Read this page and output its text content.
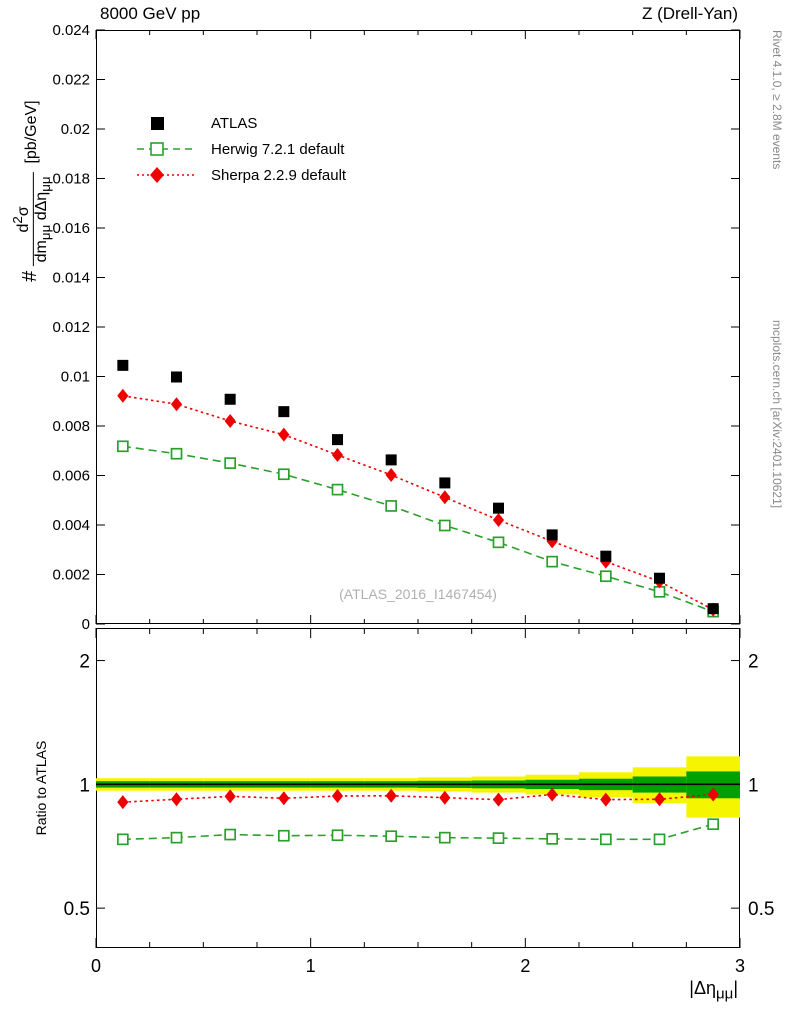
8000 GeV pp	Z (Drell-Yan)
Rivet 4.1.0, ≥ 2.8M events
mcplots.cern.ch [arXiv:2401.10621]
#
$d^2\sigma$
$dm_{\mu\mu}$ dΔη$_{\mu\mu}$
[pb/GeV]
Ratio to ATLAS
$|\Delta\eta_{\mu\mu}|$
(ATLAS_2016_I1467454)
ATLAS
Herwig 7.2.1 default
Sherpa 2.2.9 default
0
0.002
0.004
0.006
0.008
0.01
0.012
0.014
0.016
0.018
0.02
0.022
0.024
0.5	0.5
1	1
2	2
0	1	2	3
